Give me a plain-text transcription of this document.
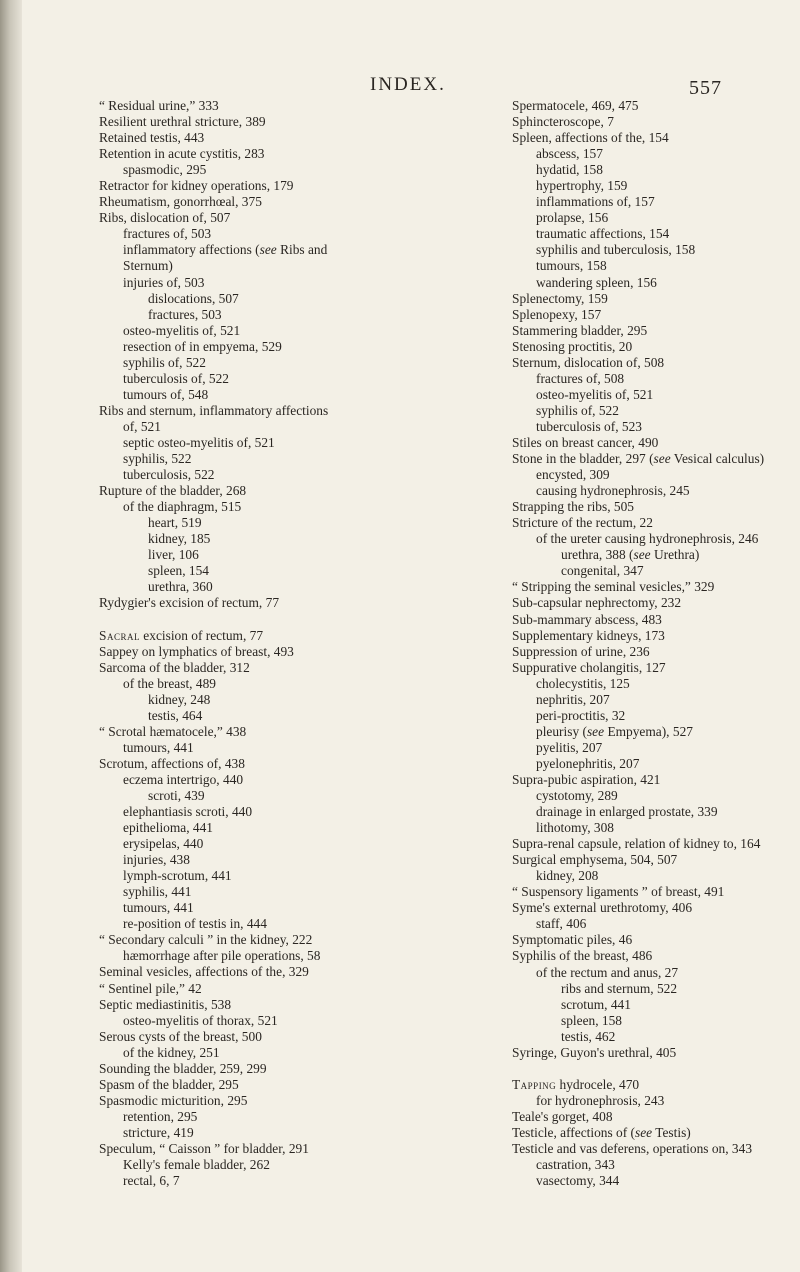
INDEX.	557
“ Residual urine,” 333
Resilient urethral stricture, 389
Retained testis, 443
Retention in acute cystitis, 283
spasmodic, 295
Retractor for kidney operations, 179
Rheumatism, gonorrhœal, 375
Ribs, dislocation of, 507
fractures of, 503
inflammatory affections (see Ribs and
Sternum)
injuries of, 503
dislocations, 507
fractures, 503
osteo-myelitis of, 521
resection of in empyema, 529
syphilis of, 522
tuberculosis of, 522
tumours of, 548
Ribs and sternum, inflammatory affections
of, 521
septic osteo-myelitis of, 521
syphilis, 522
tuberculosis, 522
Rupture of the bladder, 268
of the diaphragm, 515
heart, 519
kidney, 185
liver, 106
spleen, 154
urethra, 360
Rydygier's excision of rectum, 77
Sacral excision of rectum, 77
Sappey on lymphatics of breast, 493
Sarcoma of the bladder, 312
of the breast, 489
kidney, 248
testis, 464
“ Scrotal hæmatocele,” 438
tumours, 441
Scrotum, affections of, 438
eczema intertrigo, 440
scroti, 439
elephantiasis scroti, 440
epithelioma, 441
erysipelas, 440
injuries, 438
lymph-scrotum, 441
syphilis, 441
tumours, 441
re-position of testis in, 444
“ Secondary calculi ” in the kidney, 222
hæmorrhage after pile operations, 58
Seminal vesicles, affections of the, 329
“ Sentinel pile,” 42
Septic mediastinitis, 538
osteo-myelitis of thorax, 521
Serous cysts of the breast, 500
of the kidney, 251
Sounding the bladder, 259, 299
Spasm of the bladder, 295
Spasmodic micturition, 295
retention, 295
stricture, 419
Speculum, “ Caisson ” for bladder, 291
Kelly's female bladder, 262
rectal, 6, 7
Spermatocele, 469, 475
Sphincteroscope, 7
Spleen, affections of the, 154
abscess, 157
hydatid, 158
hypertrophy, 159
inflammations of, 157
prolapse, 156
traumatic affections, 154
syphilis and tuberculosis, 158
tumours, 158
wandering spleen, 156
Splenectomy, 159
Splenopexy, 157
Stammering bladder, 295
Stenosing proctitis, 20
Sternum, dislocation of, 508
fractures of, 508
osteo-myelitis of, 521
syphilis of, 522
tuberculosis of, 523
Stiles on breast cancer, 490
Stone in the bladder, 297 (see Vesical calculus)
encysted, 309
causing hydronephrosis, 245
Strapping the ribs, 505
Stricture of the rectum, 22
of the ureter causing hydronephrosis, 246
urethra, 388 (see Urethra)
congenital, 347
“ Stripping the seminal vesicles,” 329
Sub-capsular nephrectomy, 232
Sub-mammary abscess, 483
Supplementary kidneys, 173
Suppression of urine, 236
Suppurative cholangitis, 127
cholecystitis, 125
nephritis, 207
peri-proctitis, 32
pleurisy (see Empyema), 527
pyelitis, 207
pyelonephritis, 207
Supra-pubic aspiration, 421
cystotomy, 289
drainage in enlarged prostate, 339
lithotomy, 308
Supra-renal capsule, relation of kidney to, 164
Surgical emphysema, 504, 507
kidney, 208
“ Suspensory ligaments ” of breast, 491
Syme's external urethrotomy, 406
staff, 406
Symptomatic piles, 46
Syphilis of the breast, 486
of the rectum and anus, 27
ribs and sternum, 522
scrotum, 441
spleen, 158
testis, 462
Syringe, Guyon's urethral, 405
Tapping hydrocele, 470
for hydronephrosis, 243
Teale's gorget, 408
Testicle, affections of (see Testis)
Testicle and vas deferens, operations on, 343
castration, 343
vasectomy, 344
